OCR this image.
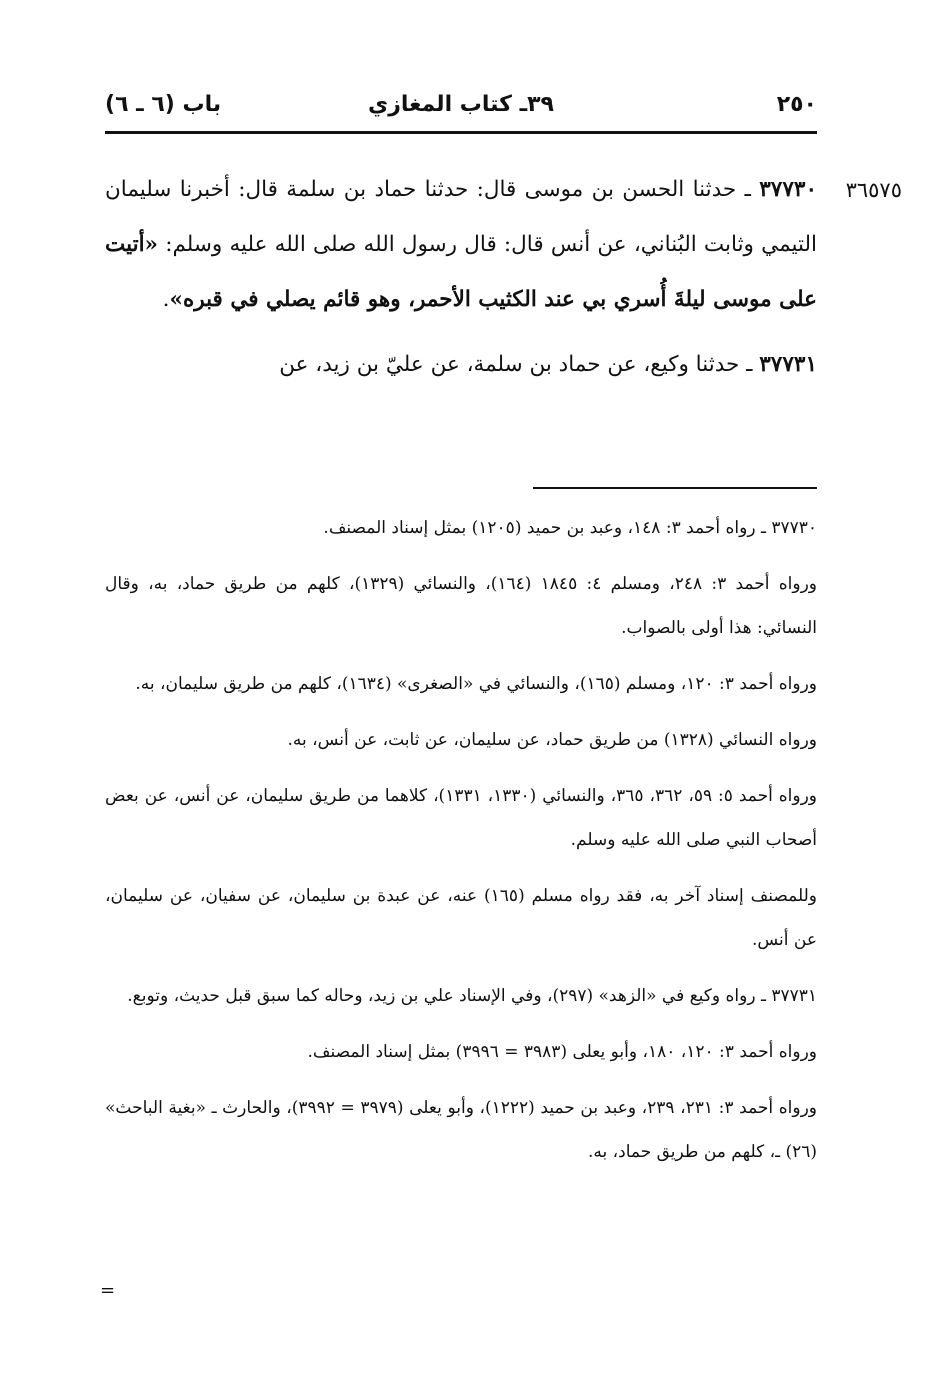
٢٥٠
٣٩ـ كتاب المغازي
باب (٦ ـ ٦)
٣٦٥٧٥

٣٧٧٣٠ ـ حدثنا الحسن بن موسى قال: حدثنا حماد بن سلمة قال: أخبرنا سليمان التيمي وثابت البُناني، عن أنس قال: قال رسول الله صلى الله عليه وسلم: «أتيت على موسى ليلةَ أُسري بي عند الكثيب الأحمر، وهو قائم يصلي في قبره».

٣٧٧٣١ ـ حدثنا وكيع، عن حماد بن سلمة، عن عليّ بن زيد، عن

٣٧٧٣٠ ـ رواه أحمد ٣: ١٤٨، وعبد بن حميد (١٢٠٥) بمثل إسناد المصنف.

ورواه أحمد ٣: ٢٤٨، ومسلم ٤: ١٨٤٥ (١٦٤)، والنسائي (١٣٢٩)، كلهم من طريق حماد، به، وقال النسائي: هذا أولى بالصواب.

ورواه أحمد ٣: ١٢٠، ومسلم (١٦٥)، والنسائي في «الصغرى» (١٦٣٤)، كلهم من طريق سليمان، به.

ورواه النسائي (١٣٢٨) من طريق حماد، عن سليمان، عن ثابت، عن أنس، به.

ورواه أحمد ٥: ٥٩، ٣٦٢، ٣٦٥، والنسائي (١٣٣٠، ١٣٣١)، كلاهما من طريق سليمان، عن أنس، عن بعض أصحاب النبي صلى الله عليه وسلم.

وللمصنف إسناد آخر به، فقد رواه مسلم (١٦٥) عنه، عن عبدة بن سليمان، عن سفيان، عن سليمان، عن أنس.

٣٧٧٣١ ـ رواه وكيع في «الزهد» (٢٩٧)، وفي الإسناد علي بن زيد، وحاله كما سبق قبل حديث، وتوبع.

ورواه أحمد ٣: ١٢٠، ١٨٠، وأبو يعلى (٣٩٨٣ = ٣٩٩٦) بمثل إسناد المصنف.

ورواه أحمد ٣: ٢٣١، ٢٣٩، وعبد بن حميد (١٢٢٢)، وأبو يعلى (٣٩٧٩ = ٣٩٩٢)، والحارث ـ «بغية الباحث» (٢٦) ـ، كلهم من طريق حماد، به.

=
